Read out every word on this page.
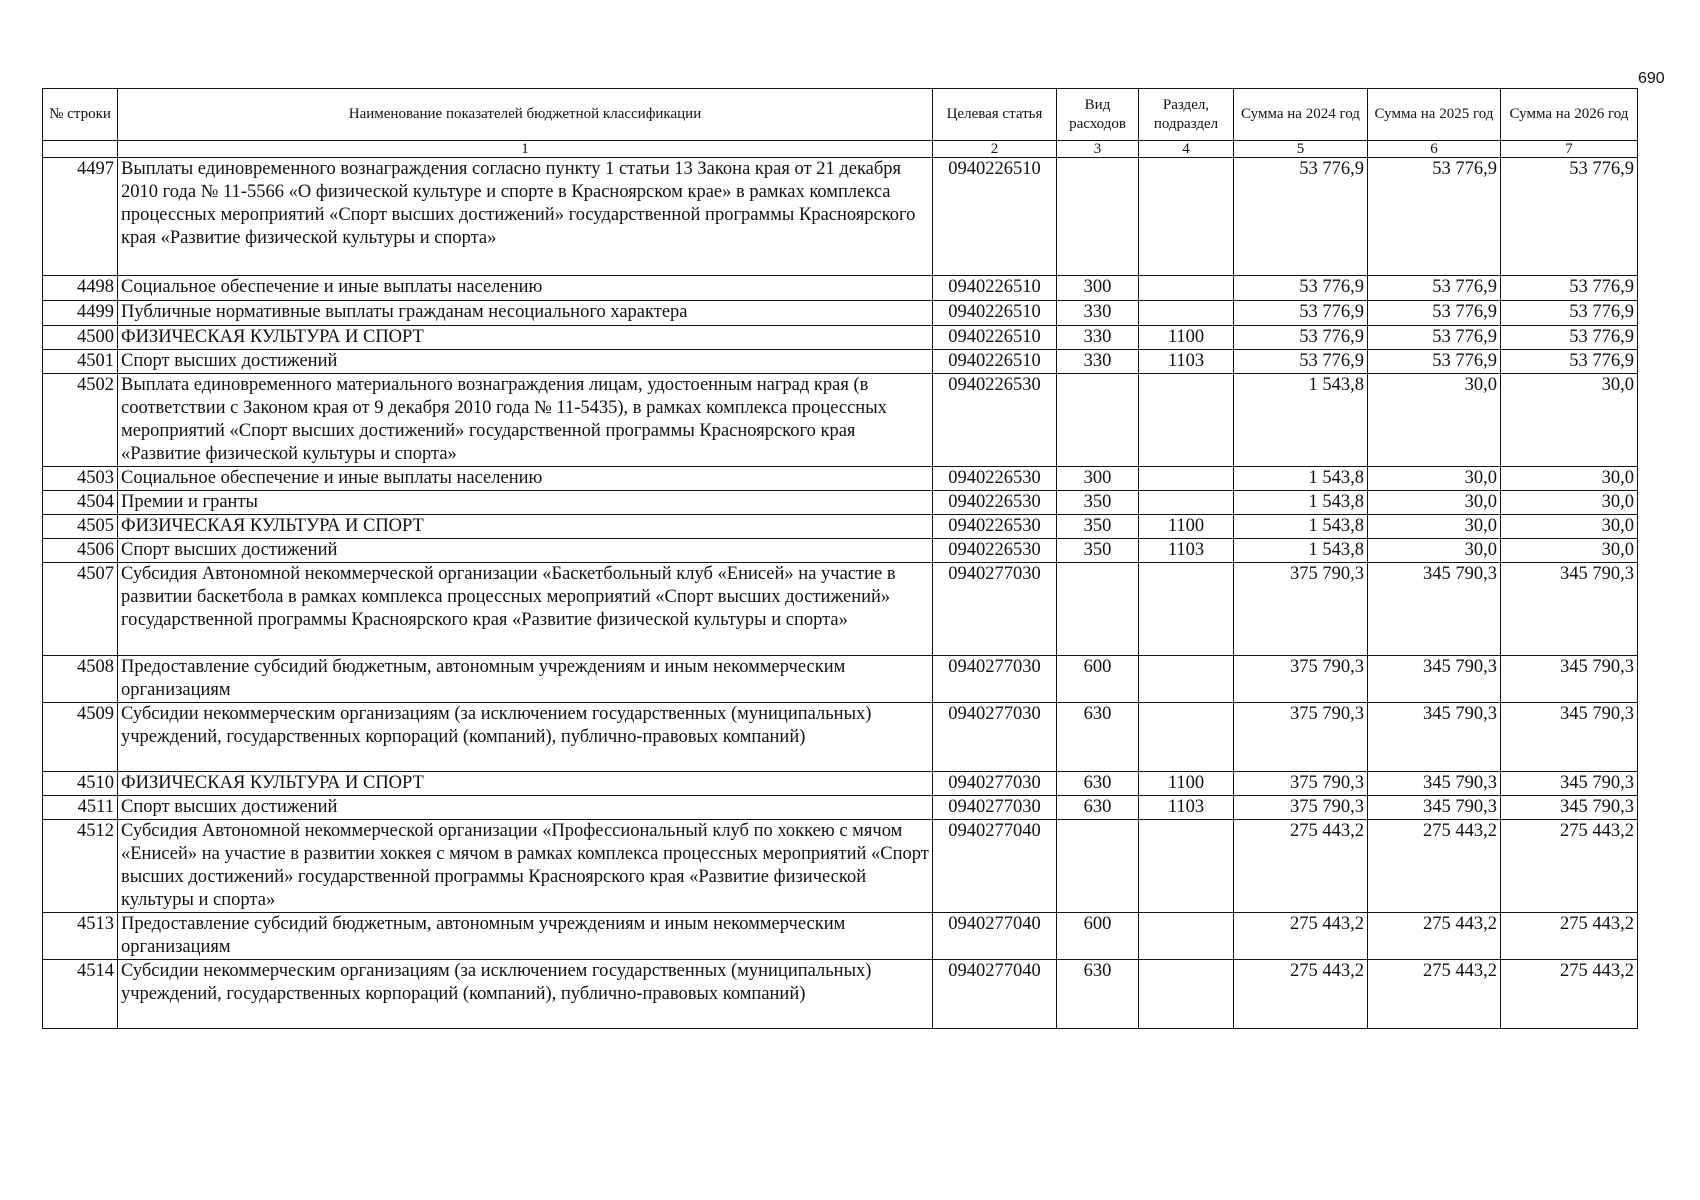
690
№ строки	Наименование показателей бюджетной классификации	Целевая статья	Вид расходов	Раздел, подраздел	Сумма на 2024 год	Сумма на 2025 год	Сумма на 2026 год
	1	2	3	4	5	6	7
4497	Выплаты единовременного вознаграждения согласно пункту 1 статьи 13 Закона края от 21 декабря 2010 года № 11-5566 «О физической культуре и спорте в Красноярском крае» в рамках комплекса процессных мероприятий «Спорт высших достижений» государственной программы Красноярского края «Развитие физической культуры и спорта»	0940226510			53 776,9	53 776,9	53 776,9
4498	Социальное обеспечение и иные выплаты населению	0940226510	300		53 776,9	53 776,9	53 776,9
4499	Публичные нормативные выплаты гражданам несоциального характера	0940226510	330		53 776,9	53 776,9	53 776,9
4500	ФИЗИЧЕСКАЯ КУЛЬТУРА И СПОРТ	0940226510	330	1100	53 776,9	53 776,9	53 776,9
4501	Спорт высших достижений	0940226510	330	1103	53 776,9	53 776,9	53 776,9
4502	Выплата единовременного материального вознаграждения лицам, удостоенным наград края (в соответствии с Законом края от 9 декабря 2010 года № 11-5435), в рамках комплекса процессных мероприятий «Спорт высших достижений» государственной программы Красноярского края «Развитие физической культуры и спорта»	0940226530			1 543,8	30,0	30,0
4503	Социальное обеспечение и иные выплаты населению	0940226530	300		1 543,8	30,0	30,0
4504	Премии и гранты	0940226530	350		1 543,8	30,0	30,0
4505	ФИЗИЧЕСКАЯ КУЛЬТУРА И СПОРТ	0940226530	350	1100	1 543,8	30,0	30,0
4506	Спорт высших достижений	0940226530	350	1103	1 543,8	30,0	30,0
4507	Субсидия Автономной некоммерческой организации «Баскетбольный клуб «Енисей» на участие в развитии баскетбола в рамках комплекса процессных мероприятий «Спорт высших достижений» государственной программы Красноярского края «Развитие физической культуры и спорта»	0940277030			375 790,3	345 790,3	345 790,3
4508	Предоставление субсидий бюджетным, автономным учреждениям и иным некоммерческим организациям	0940277030	600		375 790,3	345 790,3	345 790,3
4509	Субсидии некоммерческим организациям (за исключением государственных (муниципальных) учреждений, государственных корпораций (компаний), публично-правовых компаний)	0940277030	630		375 790,3	345 790,3	345 790,3
4510	ФИЗИЧЕСКАЯ КУЛЬТУРА И СПОРТ	0940277030	630	1100	375 790,3	345 790,3	345 790,3
4511	Спорт высших достижений	0940277030	630	1103	375 790,3	345 790,3	345 790,3
4512	Субсидия Автономной некоммерческой организации «Профессиональный клуб по хоккею с мячом «Енисей» на участие в развитии хоккея с мячом в рамках комплекса процессных мероприятий «Спорт высших достижений» государственной программы Красноярского края «Развитие физической культуры и спорта»	0940277040			275 443,2	275 443,2	275 443,2
4513	Предоставление субсидий бюджетным, автономным учреждениям и иным некоммерческим организациям	0940277040	600		275 443,2	275 443,2	275 443,2
4514	Субсидии некоммерческим организациям (за исключением государственных (муниципальных) учреждений, государственных корпораций (компаний), публично-правовых компаний)	0940277040	630		275 443,2	275 443,2	275 443,2
